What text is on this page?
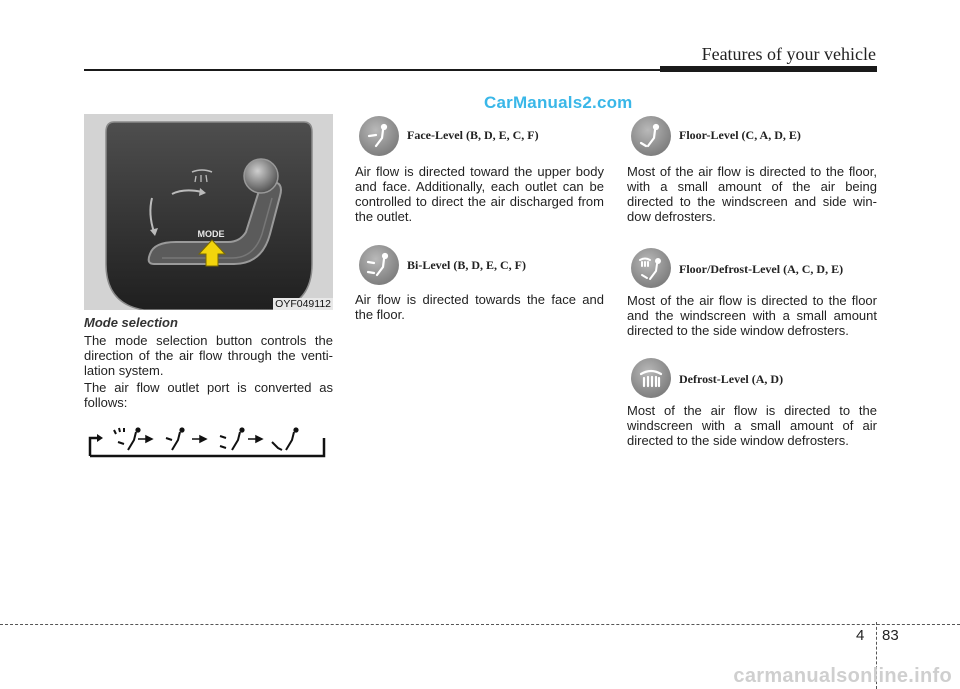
Features of your vehicle
CarManuals2.com
MODE
OYF049112
Mode selection
The mode selection button controls the direction of the air flow through the venti-lation system.
The air flow outlet port is converted as follows:
Face-Level (B, D, E, C, F)
Air flow is directed toward the upper body and face. Additionally, each outlet can be controlled to direct the air discharged from the outlet.
Bi-Level (B, D, E, C, F)
Air flow is directed towards the face and the floor.
Floor-Level (C, A, D, E)
Most of the air flow is directed to the floor, with a small amount of the air being directed to the windscreen and side win-dow defrosters.
Floor/Defrost-Level (A, C, D, E)
Most of the air flow is directed to the floor and the windscreen with a small amount directed to the side window defrosters.
Defrost-Level (A, D)
Most of the air flow is directed to the windscreen with a small amount of air directed to the side window defrosters.
4 83
carmanualsonline.info
